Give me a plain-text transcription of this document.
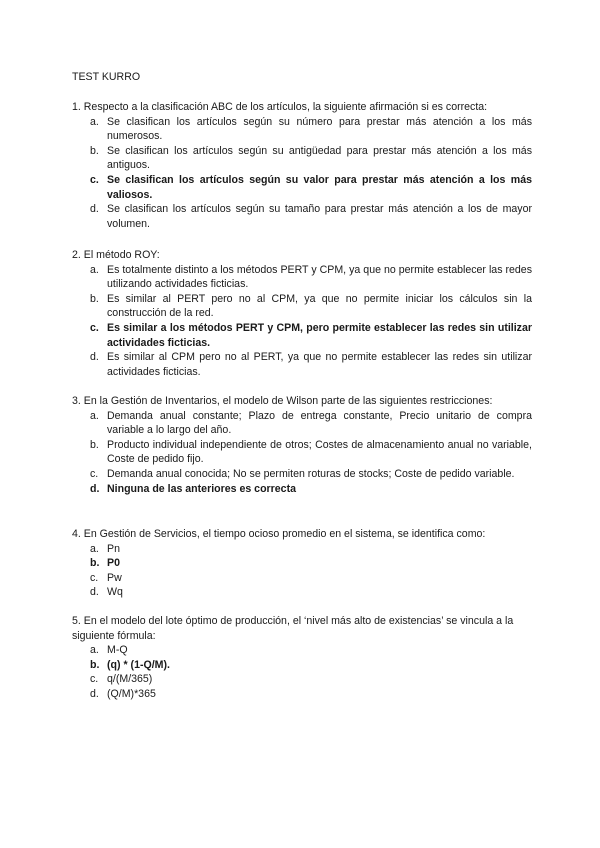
TEST KURRO

1. Respecto a la clasificación ABC de los artículos, la siguiente afirmación si es correcta:

a. Se clasifican los artículos según su número para prestar más atención a los más numerosos.
b. Se clasifican los artículos según su antigüedad para prestar más atención a los más antiguos.
c. Se clasifican los artículos según su valor para prestar más atención a los más valiosos.
d. Se clasifican los artículos según su tamaño para prestar más atención a los de mayor volumen.

2. El método ROY:

a. Es totalmente distinto a los métodos PERT y CPM, ya que no permite establecer las redes utilizando actividades ficticias.
b. Es similar al PERT pero no al CPM, ya que no permite iniciar los cálculos sin la construcción de la red.
c. Es similar a los métodos PERT y CPM, pero permite establecer las redes sin utilizar actividades ficticias.
d. Es similar al CPM pero no al PERT, ya que no permite establecer las redes sin utilizar actividades ficticias.

3. En la Gestión de Inventarios, el modelo de Wilson parte de las siguientes restricciones:

a. Demanda anual constante; Plazo de entrega constante, Precio unitario de compra variable a lo largo del año.
b. Producto individual independiente de otros; Costes de almacenamiento anual no variable, Coste de pedido fijo.
c. Demanda anual conocida; No se permiten roturas de stocks; Coste de pedido variable.
d. Ninguna de las anteriores es correcta

4. En Gestión de Servicios, el tiempo ocioso promedio en el sistema, se identifica como:

a. Pn
b. P0
c. Pw
d. Wq

5. En el modelo del lote óptimo de producción, el ‘nivel más alto de existencias’ se vincula a la siguiente fórmula:

a. M-Q
b. (q) * (1-Q/M).
c. q/(M/365)
d. (Q/M)*365
